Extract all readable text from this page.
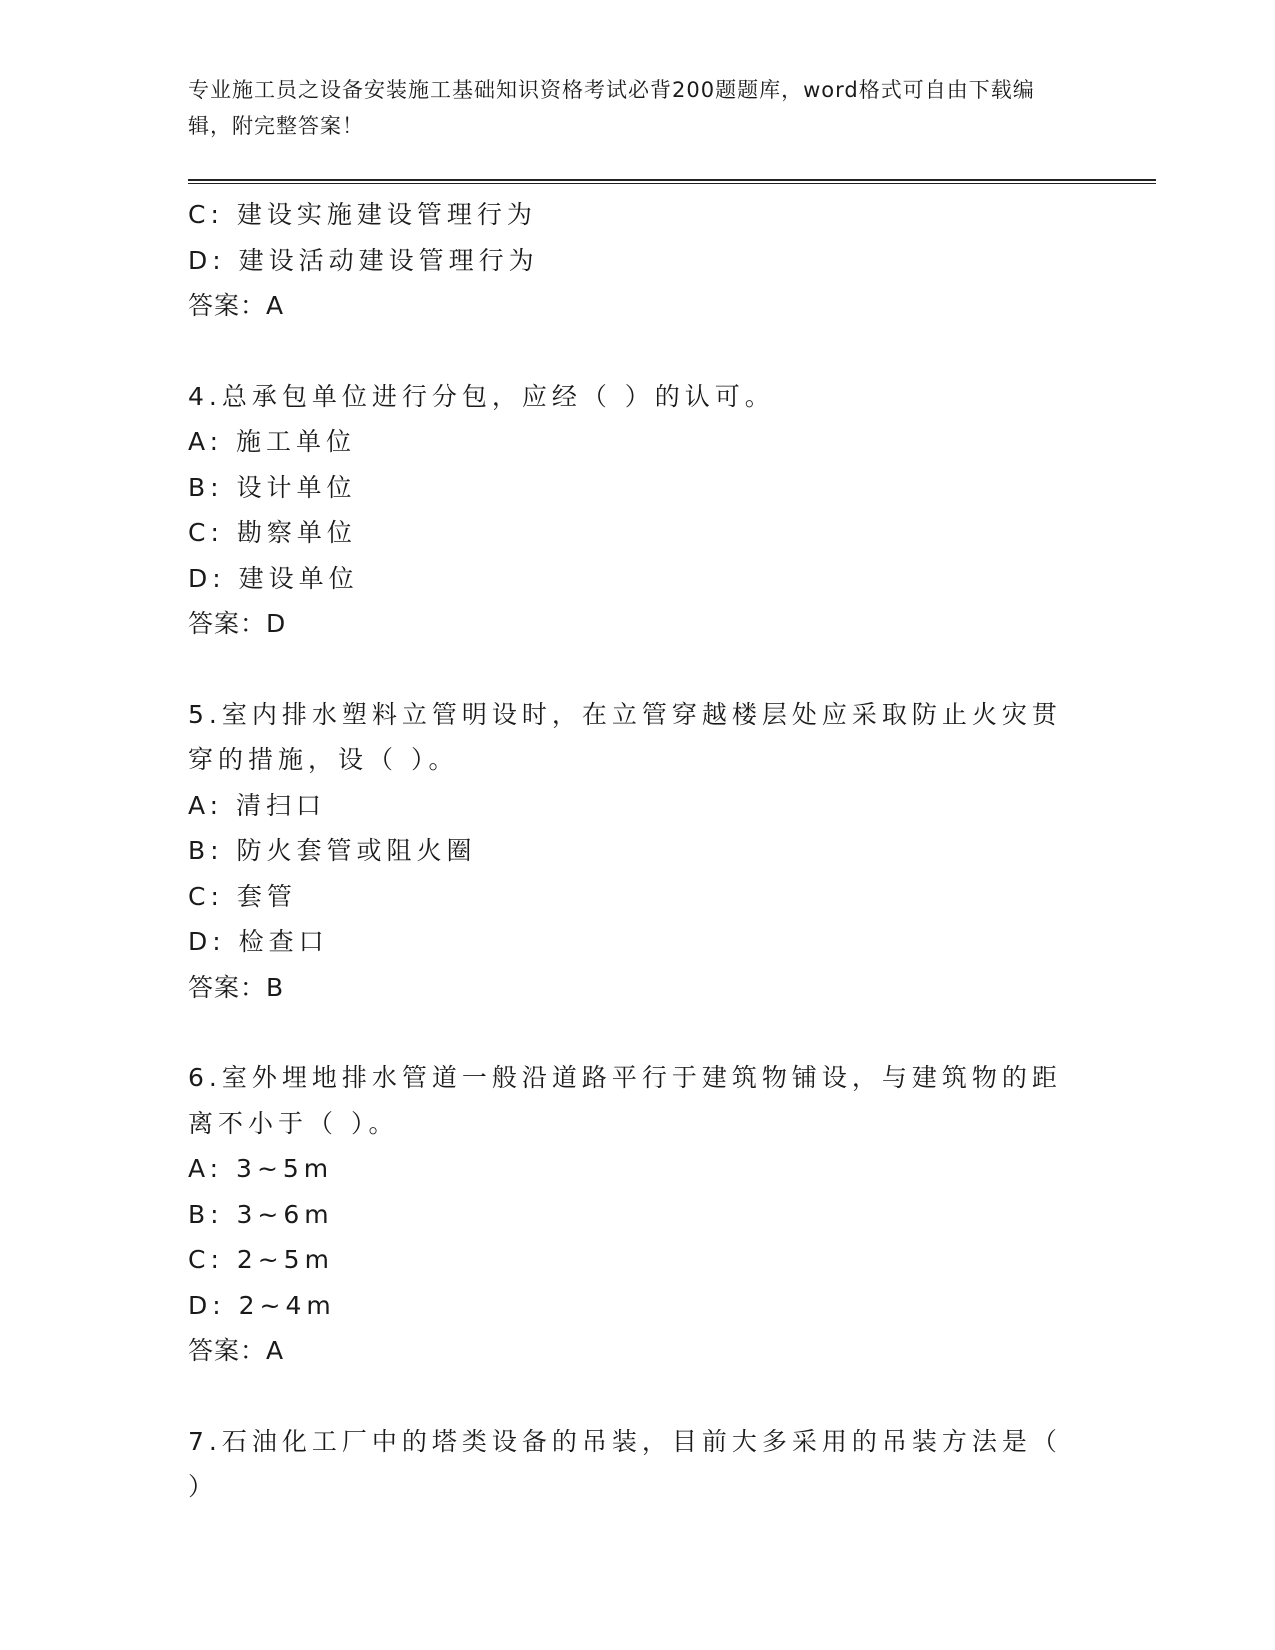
专业施工员之设备安装施工基础知识资格考试必背200题题库，word格式可自由下载编辑，附完整答案！

C: 建设实施建设管理行为

D: 建设活动建设管理行为

答案：A

4.总承包单位进行分包，应经（ ）的认可。

A: 施工单位

B: 设计单位

C: 勘察单位

D: 建设单位

答案：D

5.室内排水塑料立管明设时，在立管穿越楼层处应采取防止火灾贯穿的措施，设（ ）。

A: 清扫口

B: 防火套管或阻火圈

C: 套管

D: 检查口

答案：B

6.室外埋地排水管道一般沿道路平行于建筑物铺设，与建筑物的距离不小于（ ）。

A: 3~5m

B: 3~6m

C: 2~5m

D: 2~4m

答案：A

7.石油化工厂中的塔类设备的吊装，目前大多采用的吊装方法是（ ）
